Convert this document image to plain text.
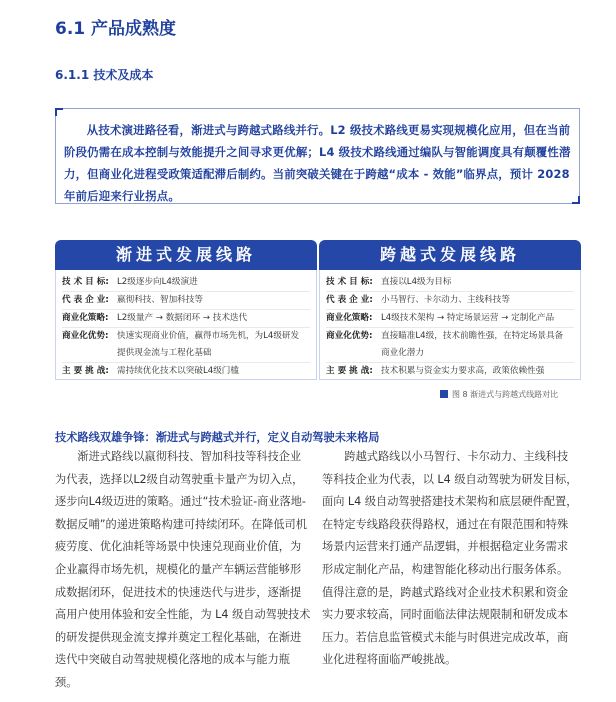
6.1 产品成熟度
6.1.1 技术及成本

从技术演进路径看，渐进式与跨越式路线并行。L2 级技术路线更易实现规模化应用，但在当前阶段仍需在成本控制与效能提升之间寻求更优解；L4 级技术路线通过编队与智能调度具有颠覆性潜力，但商业化进程受政策适配滞后制约。当前突破关键在于跨越“成本 - 效能”临界点，预计 2028 年前后迎来行业拐点。

渐进式发展线路
技 术 目 标: L2级逐步向L4级演进
代 表 企 业: 嬴彻科技、智加科技等
商业化策略: L2级量产 → 数据闭环 → 技术迭代
商业化优势: 快速实现商业价值，赢得市场先机，为L4级研发
提供现金流与工程化基础
主 要 挑 战: 需持续优化技术以突破L4级门槛
跨越式发展线路
技 术 目 标: 直接以L4级为目标
代 表 企 业: 小马智行、卡尔动力、主线科技等
商业化策略: L4级技术架构 → 特定场景运营 → 定制化产品
商业化优势: 直接瞄准L4级，技术前瞻性强，在特定场景具备
商业化潜力
主 要 挑 战: 技术积累与资金实力要求高，政策依赖性强
图 8 渐进式与跨越式线路对比
技术路线双雄争锋：渐进式与跨越式并行，定义自动驾驶未来格局

渐进式路线以嬴彻科技、智加科技等科技企业为代表，选择以L2级自动驾驶重卡量产为切入点，逐步向L4级迈进的策略。通过“技术验证-商业落地-数据反哺”的递进策略构建可持续闭环。在降低司机疲劳度、优化油耗等场景中快速兑现商业价值，为企业赢得市场先机，规模化的量产车辆运营能够形成数据闭环，促进技术的快速迭代与进步，逐渐提高用户使用体验和安全性能，为 L4 级自动驾驶技术的研发提供现金流支撑并奠定工程化基础，在渐进迭代中突破自动驾驶规模化落地的成本与能力瓶颈。

跨越式路线以小马智行、卡尔动力、主线科技等科技企业为代表，以 L4 级自动驾驶为研发目标，面向 L4 级自动驾驶搭建技术架构和底层硬件配置，在特定专线路段获得路权，通过在有限范围和特殊场景内运营来打通产品逻辑，并根据稳定业务需求形成定制化产品，构建智能化移动出行服务体系。值得注意的是，跨越式路线对企业技术积累和资金实力要求较高，同时面临法律法规限制和研发成本压力。若信息监管模式未能与时俱进完成改革，商业化进程将面临严峻挑战。
